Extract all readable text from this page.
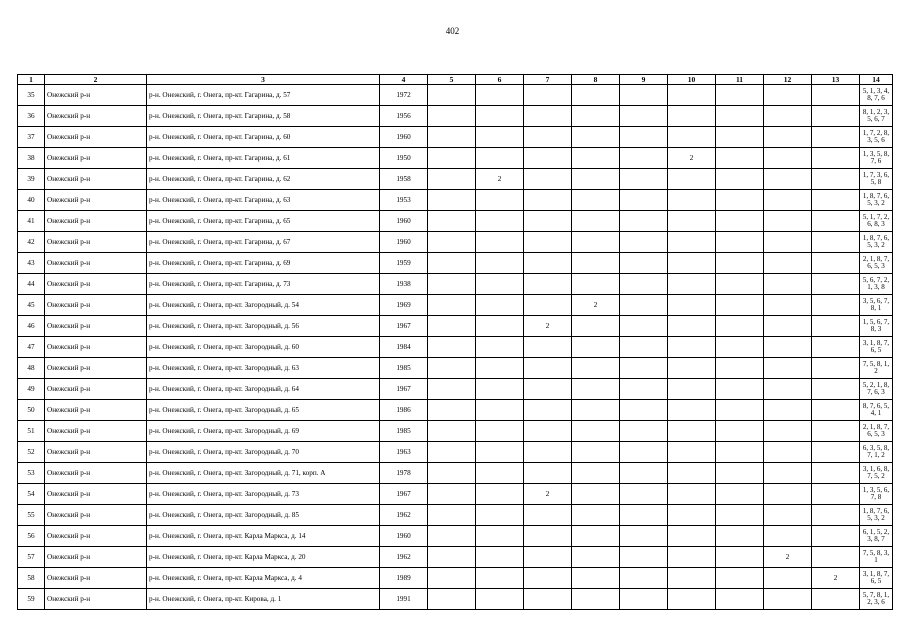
402
1	2	3	4	5	6	7	8	9	10	11	12	13	14
35	Онежский р-н	р-н. Онежский, г. Онега, пр-кт. Гагарина, д. 57	1972										5, 1, 3, 4, 8, 7, 6
36	Онежский р-н	р-н. Онежский, г. Онега, пр-кт. Гагарина, д. 58	1956										8, 1, 2, 3, 5, 6, 7
37	Онежский р-н	р-н. Онежский, г. Онега, пр-кт. Гагарина, д. 60	1960										1, 7, 2, 8, 3, 5, 6
38	Онежский р-н	р-н. Онежский, г. Онега, пр-кт. Гагарина, д. 61	1950						2				1, 3, 5, 8, 7, 6
39	Онежский р-н	р-н. Онежский, г. Онега, пр-кт. Гагарина, д. 62	1958		2								1, 7, 3, 6, 5, 8
40	Онежский р-н	р-н. Онежский, г. Онега, пр-кт. Гагарина, д. 63	1953										1, 8, 7, 6, 5, 3, 2
41	Онежский р-н	р-н. Онежский, г. Онега, пр-кт. Гагарина, д. 65	1960										5, 1, 7, 2, 6, 8, 3
42	Онежский р-н	р-н. Онежский, г. Онега, пр-кт. Гагарина, д. 67	1960										1, 8, 7, 6, 5, 3, 2
43	Онежский р-н	р-н. Онежский, г. Онега, пр-кт. Гагарина, д. 69	1959										2, 1, 8, 7, 6, 5, 3
44	Онежский р-н	р-н. Онежский, г. Онега, пр-кт. Гагарина, д. 73	1938										5, 6, 7, 2, 1, 3, 8
45	Онежский р-н	р-н. Онежский, г. Онега, пр-кт. Загородный, д. 54	1969				2						3, 5, 6, 7, 8, 1
46	Онежский р-н	р-н. Онежский, г. Онега, пр-кт. Загородный, д. 56	1967			2							1, 5, 6, 7, 8, 3
47	Онежский р-н	р-н. Онежский, г. Онега, пр-кт. Загородный, д. 60	1984										3, 1, 8, 7, 6, 5
48	Онежский р-н	р-н. Онежский, г. Онега, пр-кт. Загородный, д. 63	1985										7, 5, 8, 1, 2
49	Онежский р-н	р-н. Онежский, г. Онега, пр-кт. Загородный, д. 64	1967										5, 2, 1, 8, 7, 6, 3
50	Онежский р-н	р-н. Онежский, г. Онега, пр-кт. Загородный, д. 65	1986										8, 7, 6, 5, 4, 1
51	Онежский р-н	р-н. Онежский, г. Онега, пр-кт. Загородный, д. 69	1985										2, 1, 8, 7, 6, 5, 3
52	Онежский р-н	р-н. Онежский, г. Онега, пр-кт. Загородный, д. 70	1963										6, 3, 5, 8, 7, 1, 2
53	Онежский р-н	р-н. Онежский, г. Онега, пр-кт. Загородный, д. 71, корп. А	1978										3, 1, 6, 8, 7, 5, 2
54	Онежский р-н	р-н. Онежский, г. Онега, пр-кт. Загородный, д. 73	1967			2							1, 3, 5, 6, 7, 8
55	Онежский р-н	р-н. Онежский, г. Онега, пр-кт. Загородный, д. 85	1962										1, 8, 7, 6, 5, 3, 2
56	Онежский р-н	р-н. Онежский, г. Онега, пр-кт. Карла Маркса, д. 14	1960										6, 1, 5, 2, 3, 8, 7
57	Онежский р-н	р-н. Онежский, г. Онега, пр-кт. Карла Маркса, д. 20	1962								2		7, 5, 8, 3, 1
58	Онежский р-н	р-н. Онежский, г. Онега, пр-кт. Карла Маркса, д. 4	1989									2	3, 1, 8, 7, 6, 5
59	Онежский р-н	р-н. Онежский, г. Онега, пр-кт. Кирова, д. 1	1991										5, 7, 8, 1, 2, 3, 6
